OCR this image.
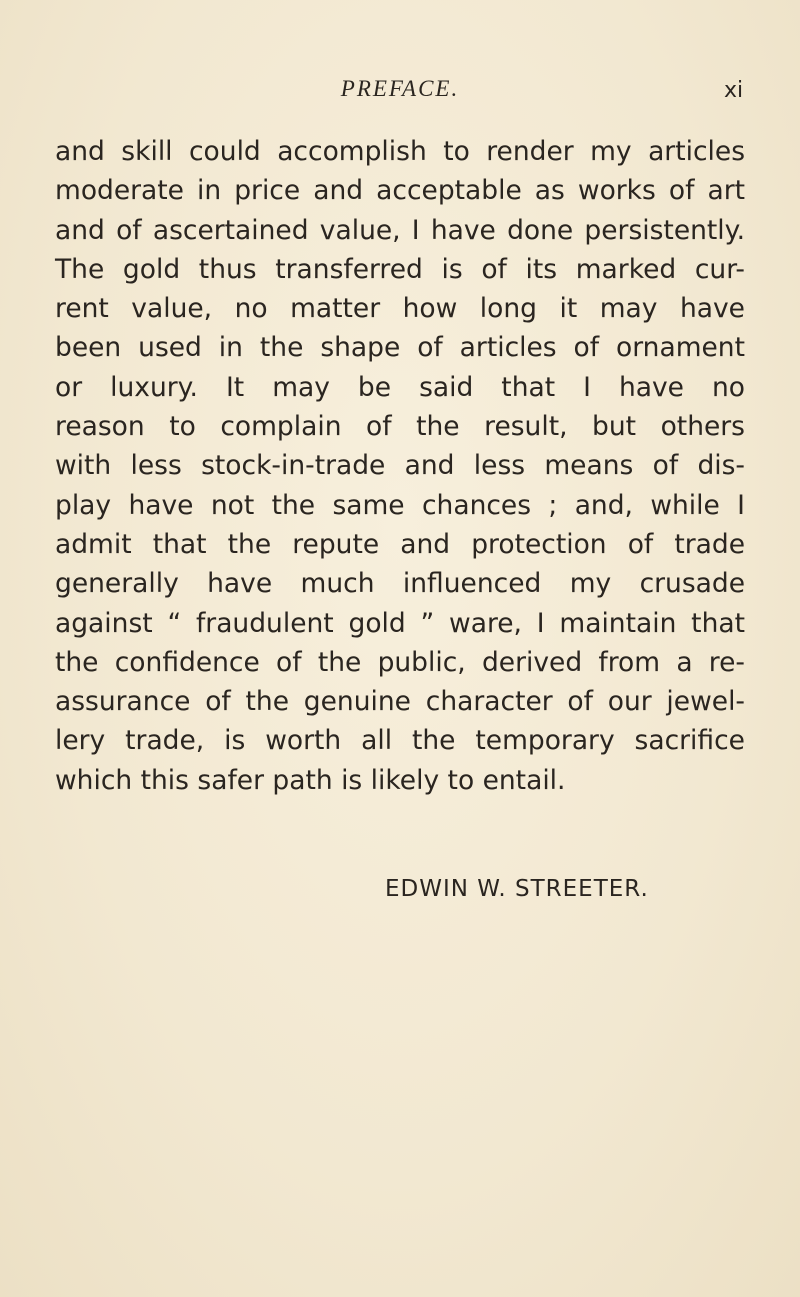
PREFACE.	xi
and skill could accomplish to render my articles
moderate in price and acceptable as works of art
and of ascertained value, I have done persistently.
The gold thus transferred is of its marked cur-
rent value, no matter how long it may have
been used in the shape of articles of ornament
or luxury. It may be said that I have no
reason to complain of the result, but others
with less stock-in-trade and less means of dis-
play have not the same chances ; and, while I
admit that the repute and protection of trade
generally have much influenced my crusade
against “ fraudulent gold ” ware, I maintain that
the confidence of the public, derived from a re-
assurance of the genuine character of our jewel-
lery trade, is worth all the temporary sacrifice
which this safer path is likely to entail.
EDWIN W. STREETER.
